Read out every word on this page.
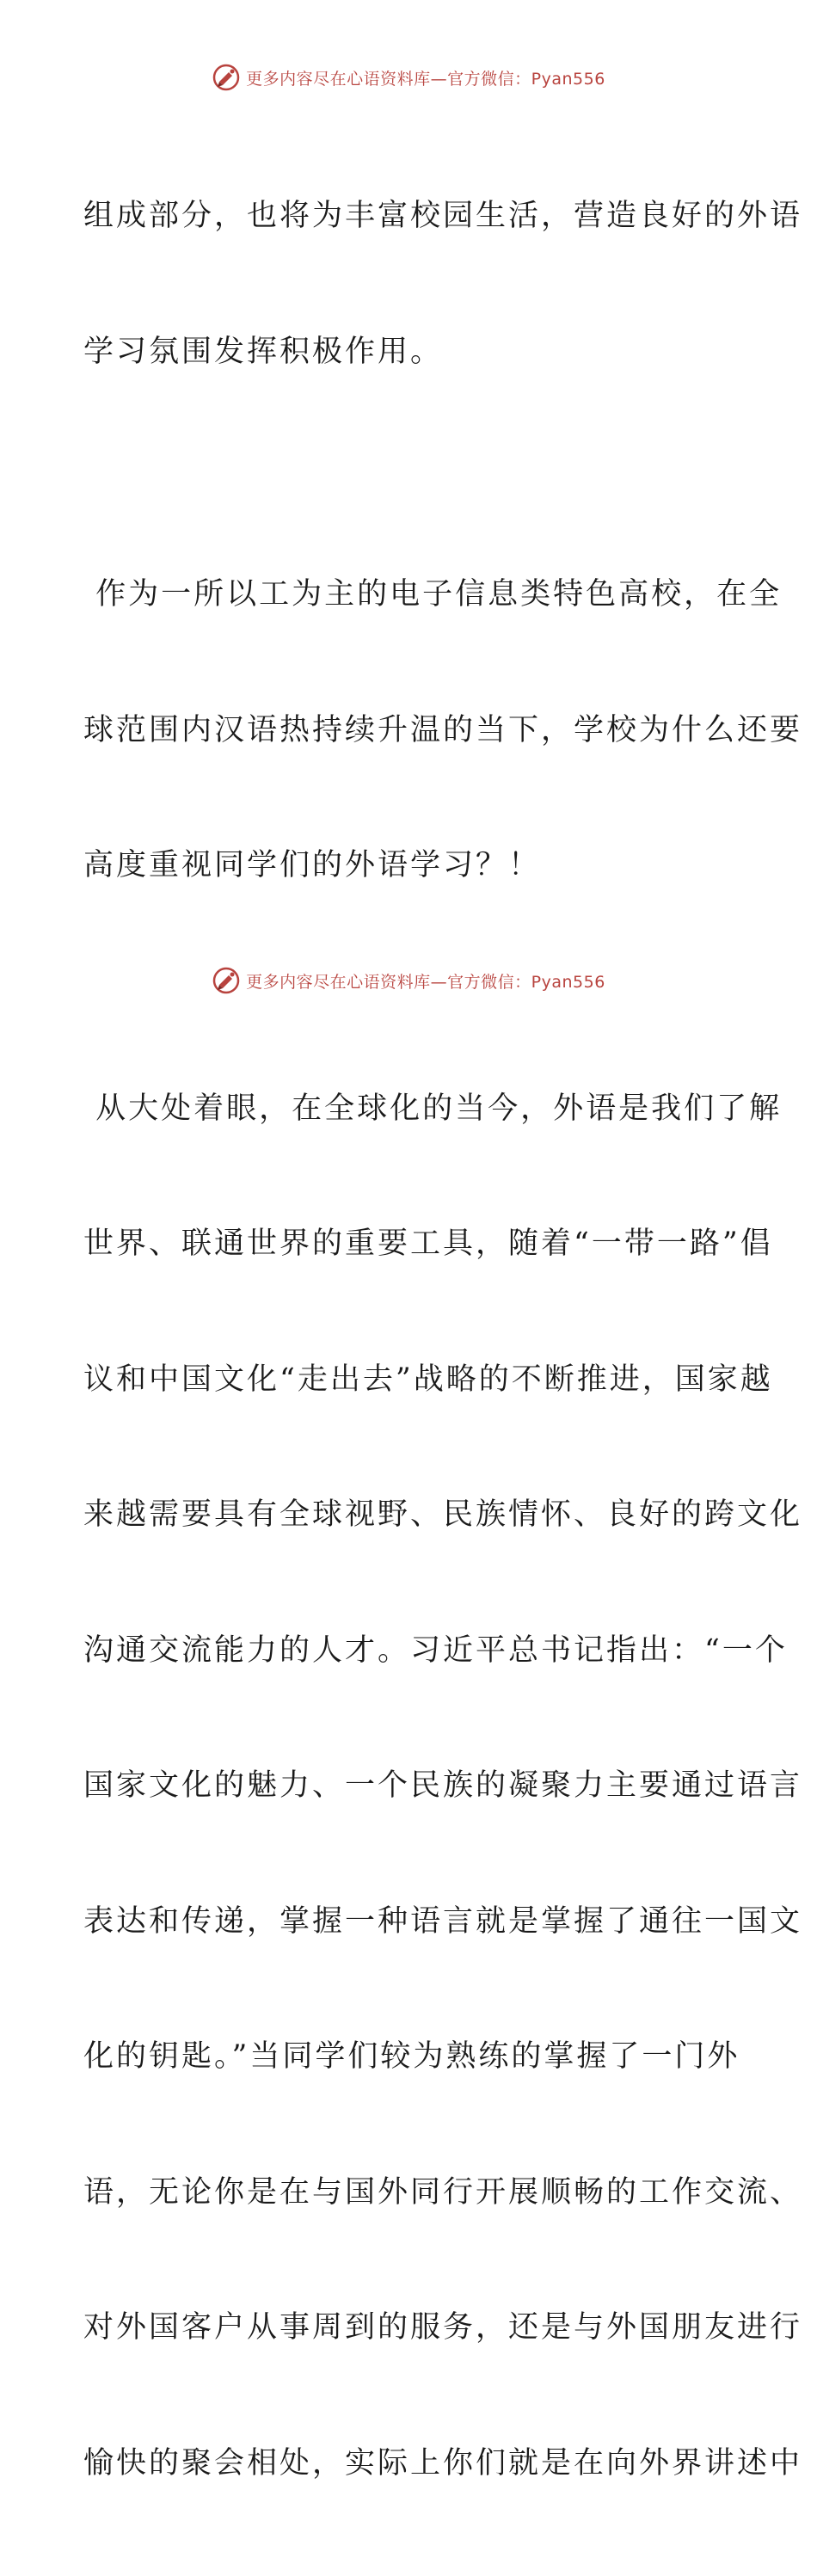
更多内容尽在心语资料库—官方微信：Pyan556

组成部分，也将为丰富校园生活，营造良好的外语

学习氛围发挥积极作用。

作为一所以工为主的电子信息类特色高校，在全

球范围内汉语热持续升温的当下，学校为什么还要

高度重视同学们的外语学习？！

从大处着眼，在全球化的当今，外语是我们了解

世界、联通世界的重要工具，随着“一带一路”倡

议和中国文化“走出去”战略的不断推进，国家越

来越需要具有全球视野、民族情怀、良好的跨文化

沟通交流能力的人才。习近平总书记指出：“一个

国家文化的魅力、一个民族的凝聚力主要通过语言

表达和传递，掌握一种语言就是掌握了通往一国文

化的钥匙。”当同学们较为熟练的掌握了一门外

语，无论你是在与国外同行开展顺畅的工作交流、

对外国客户从事周到的服务，还是与外国朋友进行

愉快的聚会相处，实际上你们就是在向外界讲述中

更多内容尽在心语资料库—官方微信：Pyan556
